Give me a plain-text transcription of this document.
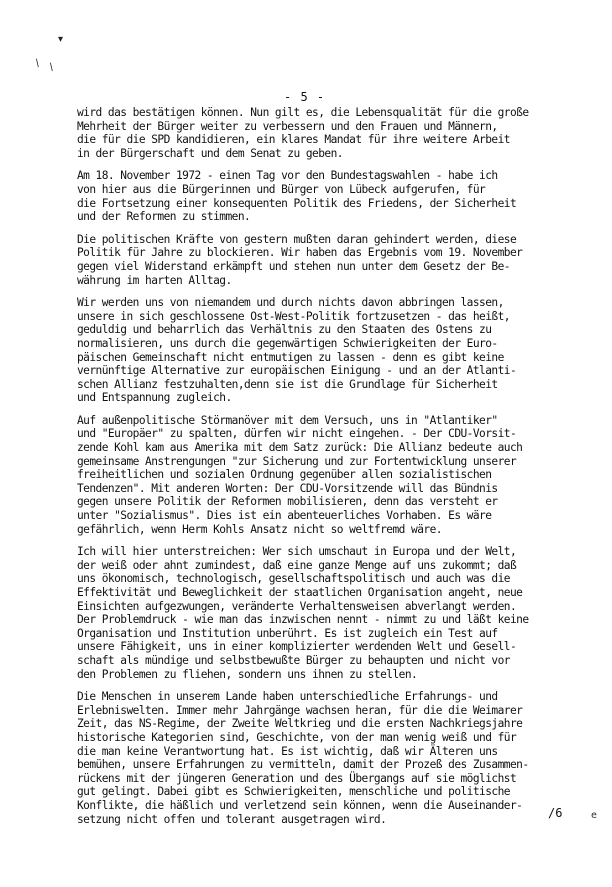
▾
/ /
- 5 -
wird das bestätigen können. Nun gilt es, die Lebensqualität für die große
Mehrheit der Bürger weiter zu verbessern und den Frauen und Männern,
die für die SPD kandidieren, ein klares Mandat für ihre weitere Arbeit
in der Bürgerschaft und dem Senat zu geben.
Am 18. November 1972 - einen Tag vor den Bundestagswahlen - habe ich
von hier aus die Bürgerinnen und Bürger von Lübeck aufgerufen, für
die Fortsetzung einer konsequenten Politik des Friedens, der Sicherheit
und der Reformen zu stimmen.
Die politischen Kräfte von gestern mußten daran gehindert werden, diese
Politik für Jahre zu blockieren. Wir haben das Ergebnis vom 19. November
gegen viel Widerstand erkämpft und stehen nun unter dem Gesetz der Be-
währung im harten Alltag.
Wir werden uns von niemandem und durch nichts davon abbringen lassen,
unsere in sich geschlossene Ost-West-Politik fortzusetzen - das heißt,
geduldig und beharrlich das Verhältnis zu den Staaten des Ostens zu
normalisieren, uns durch die gegenwärtigen Schwierigkeiten der Euro-
päischen Gemeinschaft nicht entmutigen zu lassen - denn es gibt keine
vernünftige Alternative zur europäischen Einigung - und an der Atlanti-
schen Allianz festzuhalten,denn sie ist die Grundlage für Sicherheit
und Entspannung zugleich.
Auf außenpolitische Störmanöver mit dem Versuch, uns in "Atlantiker"
und "Europäer" zu spalten, dürfen wir nicht eingehen. - Der CDU-Vorsit-
zende Kohl kam aus Amerika mit dem Satz zurück: Die Allianz bedeute auch
gemeinsame Anstrengungen "zur Sicherung und zur Fortentwicklung unserer
freiheitlichen und sozialen Ordnung gegenüber allen sozialistischen
Tendenzen". Mit anderen Worten: Der CDU-Vorsitzende will das Bündnis
gegen unsere Politik der Reformen mobilisieren, denn das versteht er
unter "Sozialismus". Dies ist ein abenteuerliches Vorhaben. Es wäre
gefährlich, wenn Herm Kohls Ansatz nicht so weltfremd wäre.
Ich will hier unterstreichen: Wer sich umschaut in Europa und der Welt,
der weiß oder ahnt zumindest, daß eine ganze Menge auf uns zukommt; daß
uns ökonomisch, technologisch, gesellschaftspolitisch und auch was die
Effektivität und Beweglichkeit der staatlichen Organisation angeht, neue
Einsichten aufgezwungen, veränderte Verhaltensweisen abverlangt werden.
Der Problemdruck - wie man das inzwischen nennt - nimmt zu und läßt keine
Organisation und Institution unberührt. Es ist zugleich ein Test auf
unsere Fähigkeit, uns in einer komplizierter werdenden Welt und Gesell-
schaft als mündige und selbstbewußte Bürger zu behaupten und nicht vor
den Problemen zu fliehen, sondern uns ihnen zu stellen.
Die Menschen in unserem Lande haben unterschiedliche Erfahrungs- und
Erlebniswelten. Immer mehr Jahrgänge wachsen heran, für die die Weimarer
Zeit, das NS-Regime, der Zweite Weltkrieg und die ersten Nachkriegsjahre
historische Kategorien sind, Geschichte, von der man wenig weiß und für
die man keine Verantwortung hat. Es ist wichtig, daß wir Älteren uns
bemühen, unsere Erfahrungen zu vermitteln, damit der Prozeß des Zusammen-
rückens mit der jüngeren Generation und des Übergangs auf sie möglichst
gut gelingt. Dabei gibt es Schwierigkeiten, menschliche und politische
Konflikte, die häßlich und verletzend sein können, wenn die Auseinander-
setzung nicht offen und tolerant ausgetragen wird.	/6	e
